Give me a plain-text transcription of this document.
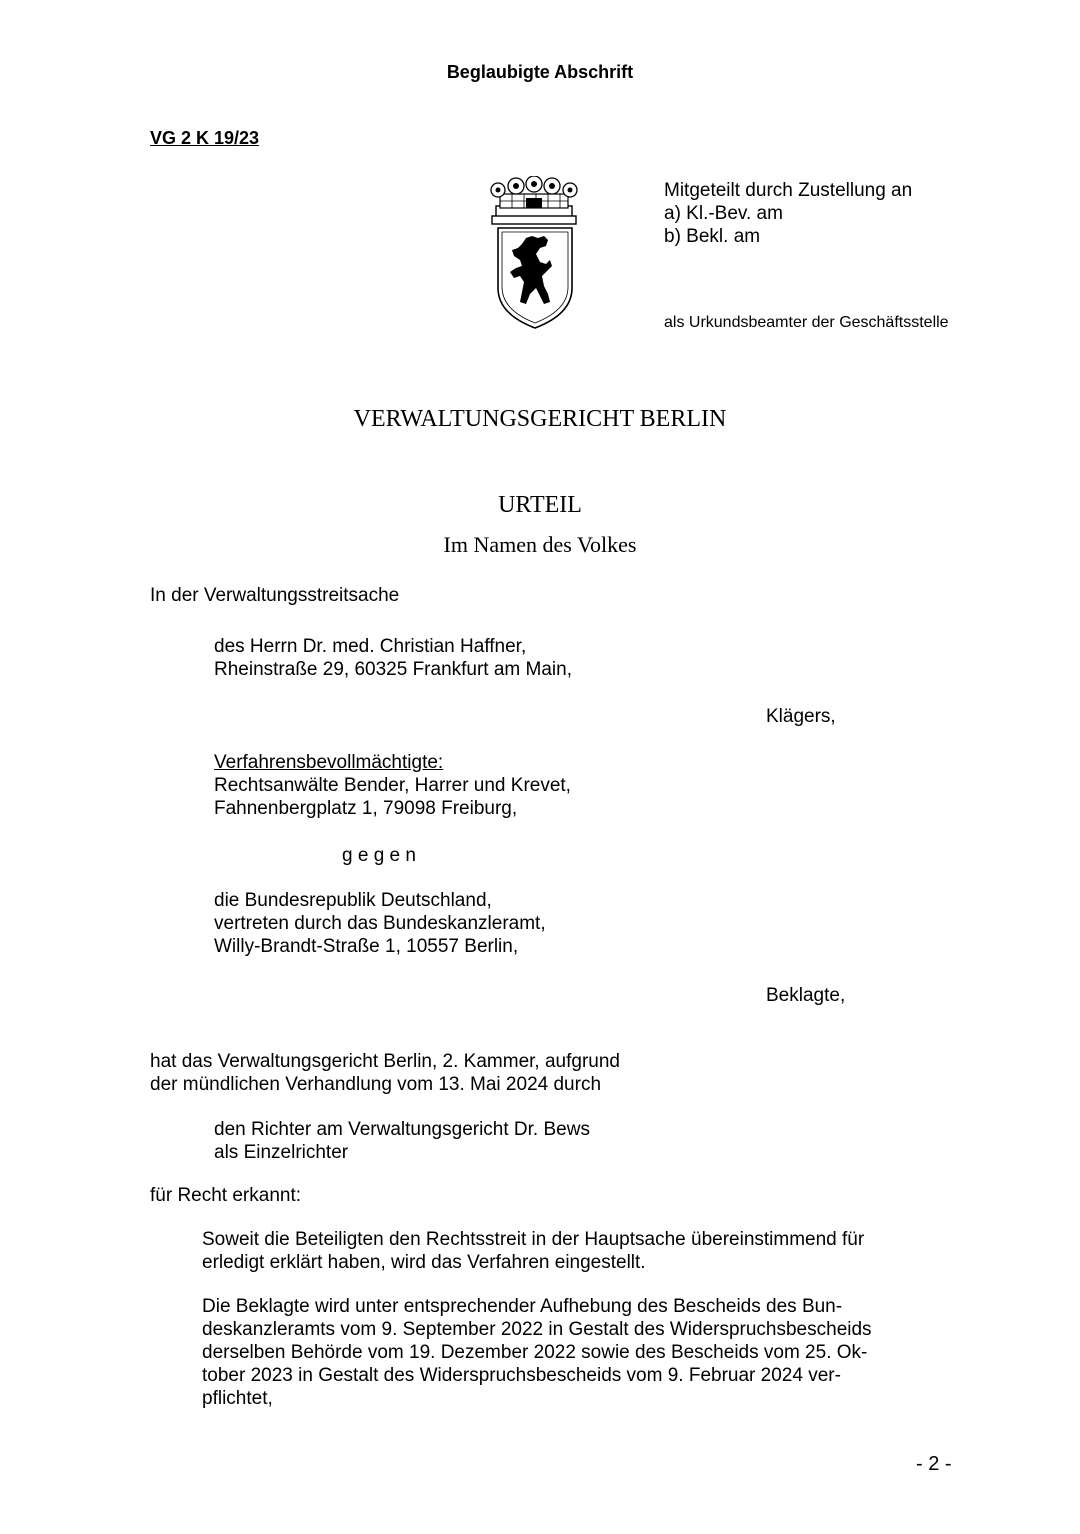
Beglaubigte Abschrift
VG 2 K 19/23
Mitgeteilt durch Zustellung an
a) Kl.-Bev. am
b) Bekl. am
als Urkundsbeamter der Geschäftsstelle
VERWALTUNGSGERICHT BERLIN
URTEIL
Im Namen des Volkes
In der Verwaltungsstreitsache
des Herrn Dr. med. Christian Haffner,
Rheinstraße 29, 60325 Frankfurt am Main,
Klägers,
Verfahrensbevollmächtigte:
Rechtsanwälte Bender, Harrer und Krevet,
Fahnenbergplatz 1, 79098 Freiburg,
g e g e n
die Bundesrepublik Deutschland,
vertreten durch das Bundeskanzleramt,
Willy-Brandt-Straße 1, 10557 Berlin,
Beklagte,
hat das Verwaltungsgericht Berlin, 2. Kammer, aufgrund
der mündlichen Verhandlung vom 13. Mai 2024 durch
den Richter am Verwaltungsgericht Dr. Bews
als Einzelrichter
für Recht erkannt:
Soweit die Beteiligten den Rechtsstreit in der Hauptsache übereinstimmend für
erledigt erklärt haben, wird das Verfahren eingestellt.
Die Beklagte wird unter entsprechender Aufhebung des Bescheids des Bun-
deskanzleramts vom 9. September 2022 in Gestalt des Widerspruchsbescheids
derselben Behörde vom 19. Dezember 2022 sowie des Bescheids vom 25. Ok-
tober 2023 in Gestalt des Widerspruchsbescheids vom 9. Februar 2024 ver-
pflichtet,
- 2 -
